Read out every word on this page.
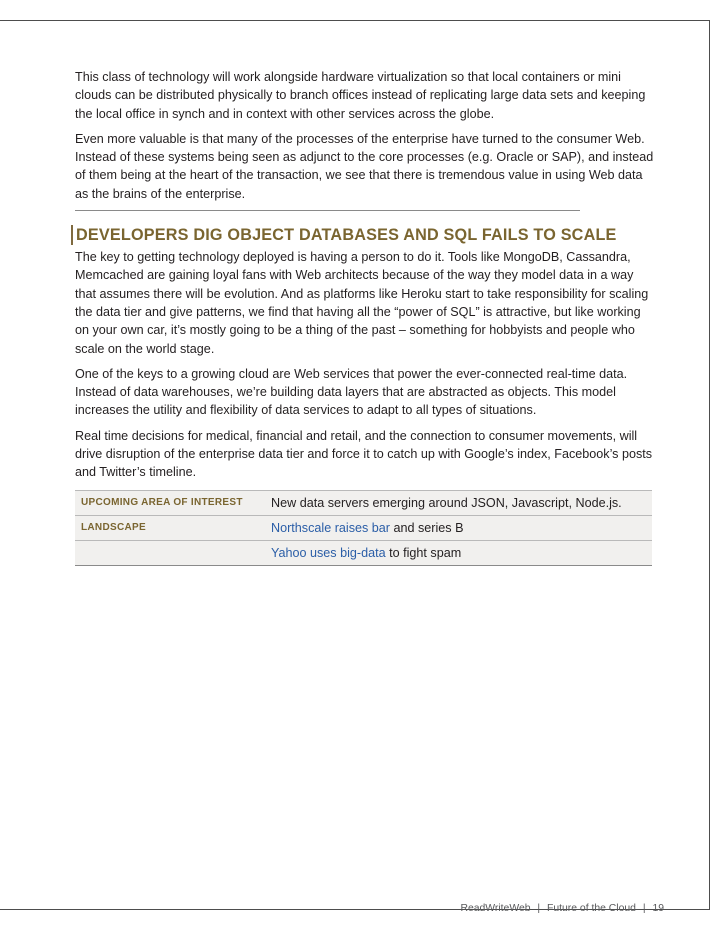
This class of technology will work alongside hardware virtualization so that local containers or mini clouds can be distributed physically to branch offices instead of replicating large data sets and keeping the local office in synch and in context with other services across the globe.

Even more valuable is that many of the processes of the enterprise have turned to the consumer Web. Instead of these systems being seen as adjunct to the core processes (e.g. Oracle or SAP), and instead of them being at the heart of the transaction, we see that there is tremendous value in using Web data as the brains of the enterprise.

DEVELOPERS DIG OBJECT DATABASES AND SQL FAILS TO SCALE

The key to getting technology deployed is having a person to do it. Tools like MongoDB, Cassandra, Memcached are gaining loyal fans with Web architects because of the way they model data in a way that assumes there will be evolution. And as platforms like Heroku start to take responsibility for scaling the data tier and give patterns, we find that having all the “power of SQL” is attractive, but like working on your own car, it’s mostly going to be a thing of the past – something for hobbyists and people who scale on the world stage.

One of the keys to a growing cloud are Web services that power the ever-connected real-time data. Instead of data warehouses, we’re building data layers that are abstracted as objects. This model increases the utility and flexibility of data services to adapt to all types of situations.

Real time decisions for medical, financial and retail, and the connection to consumer movements, will drive disruption of the enterprise data tier and force it to catch up with Google’s index, Facebook’s posts and Twitter’s timeline.

UPCOMING AREA OF INTEREST	New data servers emerging around JSON, Javascript, Node.js.
LANDSCAPE	Northscale raises bar and series B
	Yahoo uses big-data to fight spam
ReadWriteWeb | Future of the Cloud | 19
